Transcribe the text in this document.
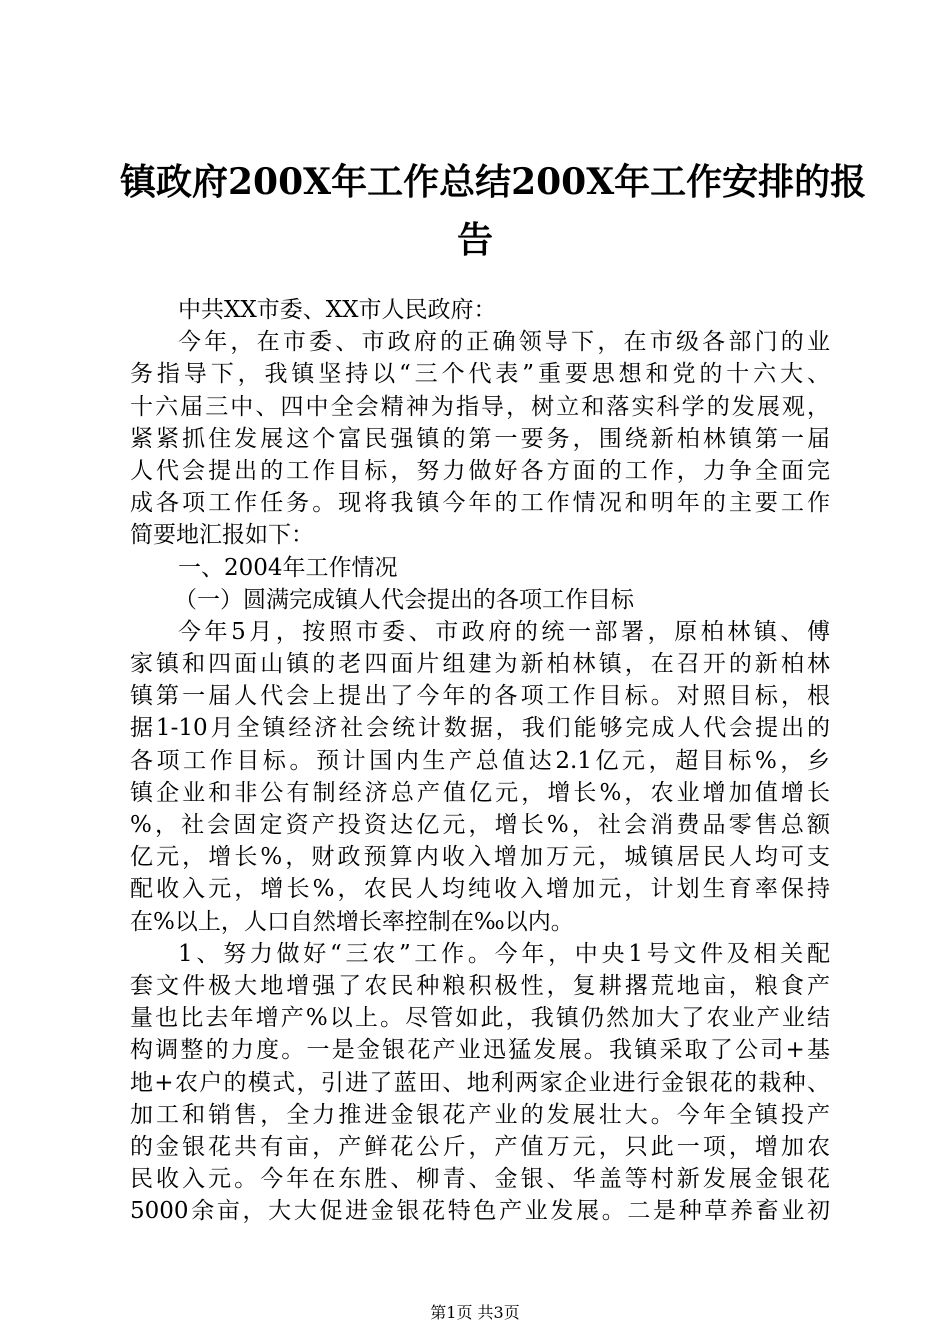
镇政府200X年工作总结200X年工作安排的报
告
中共XX市委、XX市人民政府：
今年，在市委、市政府的正确领导下，在市级各部门的业
务指导下，我镇坚持以“三个代表”重要思想和党的十六大、
十六届三中、四中全会精神为指导，树立和落实科学的发展观，
紧紧抓住发展这个富民强镇的第一要务，围绕新柏林镇第一届
人代会提出的工作目标，努力做好各方面的工作，力争全面完
成各项工作任务。现将我镇今年的工作情况和明年的主要工作
简要地汇报如下：
一、2004年工作情况
（一）圆满完成镇人代会提出的各项工作目标
今年5月，按照市委、市政府的统一部署，原柏林镇、傅
家镇和四面山镇的老四面片组建为新柏林镇，在召开的新柏林
镇第一届人代会上提出了今年的各项工作目标。对照目标，根
据1-10月全镇经济社会统计数据，我们能够完成人代会提出的
各项工作目标。预计国内生产总值达2.1亿元，超目标%，乡
镇企业和非公有制经济总产值亿元，增长%，农业增加值增长
%，社会固定资产投资达亿元，增长%，社会消费品零售总额
亿元，增长%，财政预算内收入增加万元，城镇居民人均可支
配收入元，增长%，农民人均纯收入增加元，计划生育率保持
在%以上，人口自然增长率控制在‰以内。
1、努力做好“三农”工作。今年，中央1号文件及相关配
套文件极大地增强了农民种粮积极性，复耕撂荒地亩，粮食产
量也比去年增产%以上。尽管如此，我镇仍然加大了农业产业结
构调整的力度。一是金银花产业迅猛发展。我镇采取了公司+基
地+农户的模式，引进了蓝田、地利两家企业进行金银花的栽种、
加工和销售，全力推进金银花产业的发展壮大。今年全镇投产
的金银花共有亩，产鲜花公斤，产值万元，只此一项，增加农
民收入元。今年在东胜、柳青、金银、华盖等村新发展金银花
5000余亩，大大促进金银花特色产业发展。二是种草养畜业初
第1页 共3页
